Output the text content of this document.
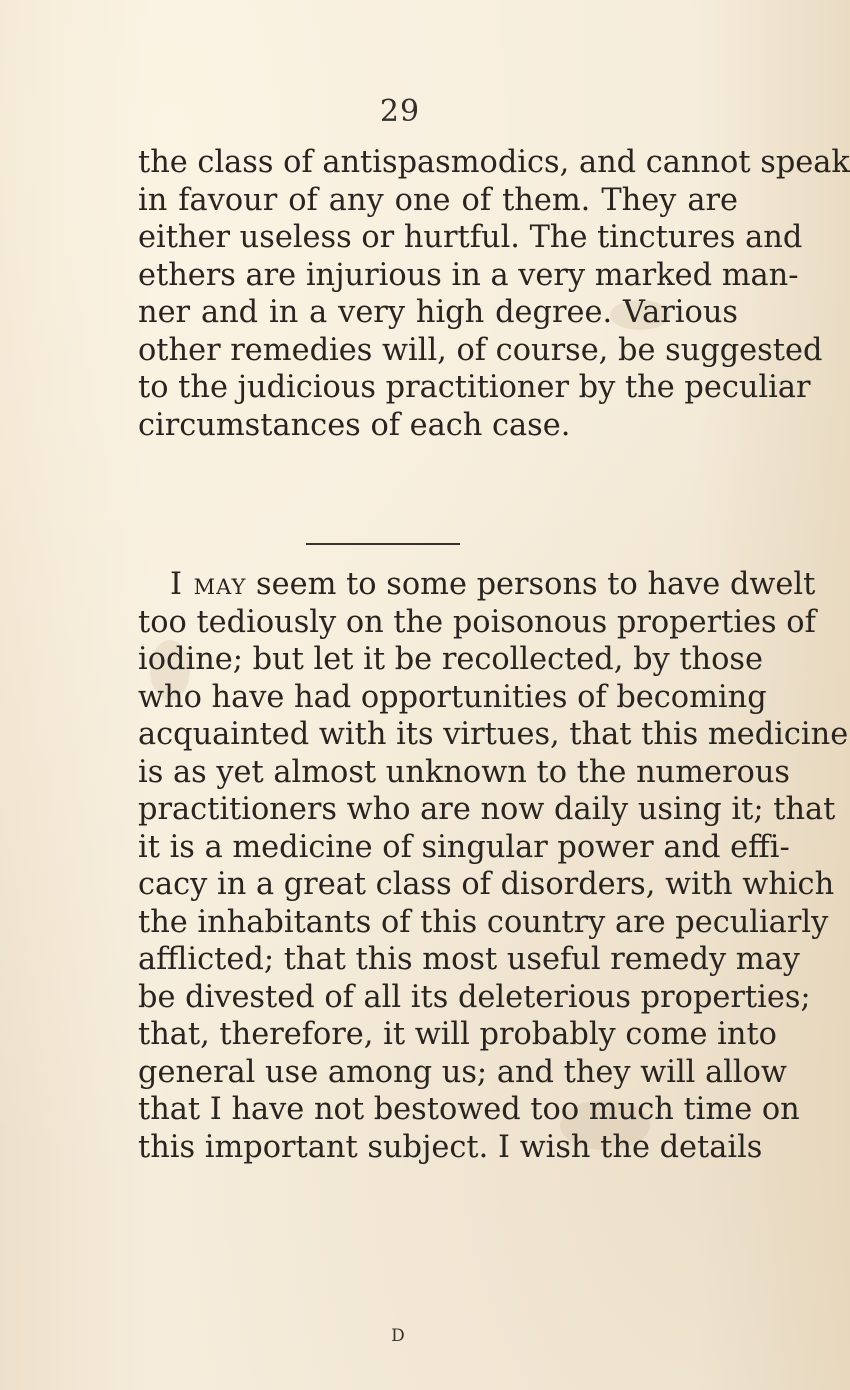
29

the class of antispasmodics, and cannot speak
in favour of any one of them. They are
either useless or hurtful. The tinctures and
ethers are injurious in a very marked man-
ner and in a very high degree. Various
other remedies will, of course, be suggested
to the judicious practitioner by the peculiar
circumstances of each case.

I may seem to some persons to have dwelt
too tediously on the poisonous properties of
iodine; but let it be recollected, by those
who have had opportunities of becoming
acquainted with its virtues, that this medicine
is as yet almost unknown to the numerous
practitioners who are now daily using it; that
it is a medicine of singular power and effi-
cacy in a great class of disorders, with which
the inhabitants of this country are peculiarly
afflicted; that this most useful remedy may
be divested of all its deleterious properties;
that, therefore, it will probably come into
general use among us; and they will allow
that I have not bestowed too much time on
this important subject. I wish the details

D
